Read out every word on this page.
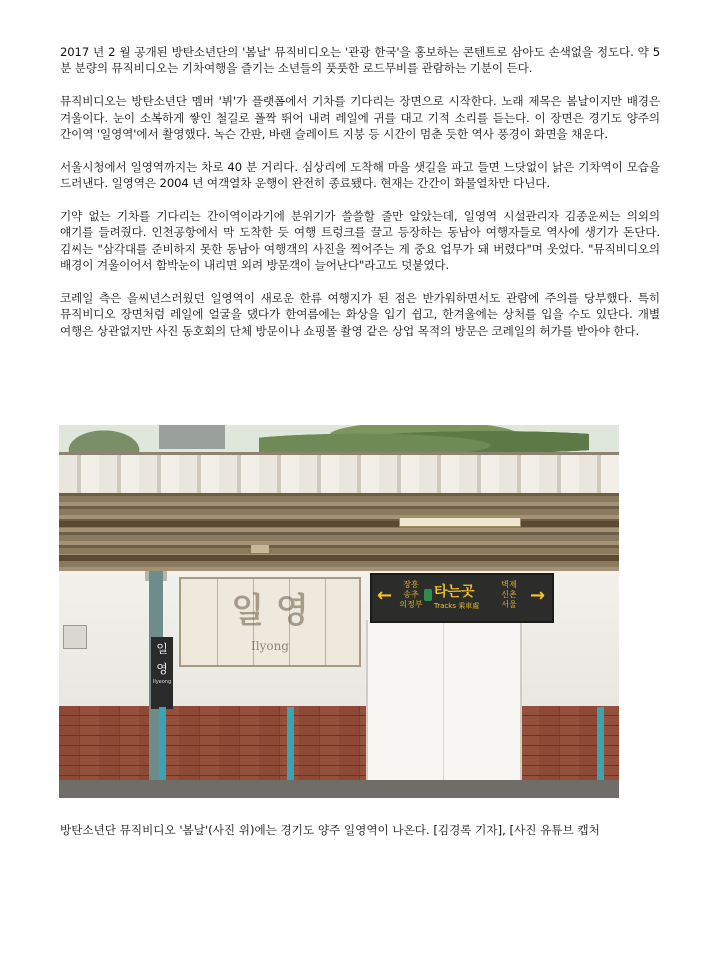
2017 년 2 월 공개된 방탄소년단의 '봄날' 뮤직비디오는 '관광 한국'을 홍보하는 콘텐트로 삼아도 손색없을 정도다. 약 5 분 분량의 뮤직비디오는 기차여행을 즐기는 소년들의 풋풋한 로드무비를 관람하는 기분이 든다.

뮤직비디오는 방탄소년단 멤버 '뷔'가 플랫폼에서 기차를 기다리는 장면으로 시작한다. 노래 제목은 봄날이지만 배경은 겨울이다. 눈이 소복하게 쌓인 철길로 폴짝 뛰어 내려 레일에 귀를 대고 기적 소리를 듣는다. 이 장면은 경기도 양주의 간이역 '일영역'에서 촬영했다. 녹슨 간판, 바랜 슬레이트 지붕 등 시간이 멈춘 듯한 역사 풍경이 화면을 채운다.

서울시청에서 일영역까지는 차로 40 분 거리다. 심상리에 도착해 마을 샛길을 파고 들면 느닷없이 낡은 기차역이 모습을 드러낸다. 일영역은 2004 년 여객열차 운행이 완전히 종료됐다. 현재는 간간이 화물열차만 다닌다.

기약 없는 기차를 기다리는 간이역이라기에 분위기가 쓸쓸할 줄만 알았는데, 일영역 시설관리자 김종운씨는 의외의 얘기를 들려줬다. 인천공항에서 막 도착한 듯 여행 트렁크를 끌고 등장하는 동남아 여행자들로 역사에 생기가 돈단다. 김씨는 "삼각대를 준비하지 못한 동남아 여행객의 사진을 찍어주는 게 중요 업무가 돼 버렸다"며 웃었다. "뮤직비디오의 배경이 겨울이어서 함박눈이 내리면 외려 방문객이 늘어난다"라고도 덧붙였다.

코레일 측은 을씨년스러웠던 일영역이 새로운 한류 여행지가 된 점은 반가워하면서도 관람에 주의를 당부했다. 특히 뮤직비디오 장면처럼 레일에 얼굴을 댔다가 한여름에는 화상을 입기 쉽고, 한겨울에는 상처를 입을 수도 있단다. 개별 여행은 상관없지만 사진 동호회의 단체 방문이나 쇼핑몰 촬영 같은 상업 목적의 방문은 코레일의 허가를 받아야 한다.

일 영
Ilyong
←
장흥
송추
의정부
타는곳
Tracks 乘車處
벽제
신촌
서울 →
일
영
Ilyeong
방탄소년단 뮤직비디오 '봄날'(사진 위)에는 경기도 양주 일영역이 나온다. [김경록 기자], [사진 유튜브 캡처
